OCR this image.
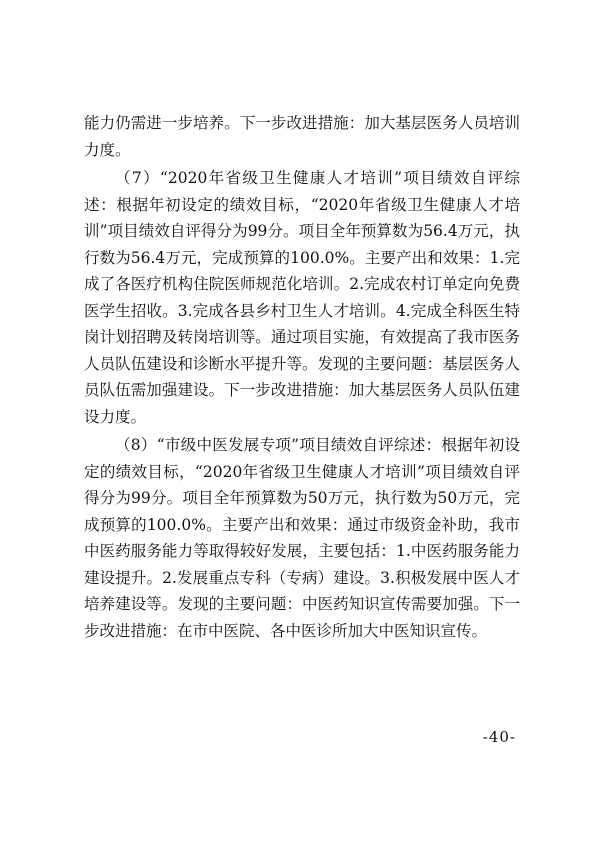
能力仍需进一步培养。下一步改进措施：加大基层医务人员培训力度。

（7）“2020年省级卫生健康人才培训”项目绩效自评综述：根据年初设定的绩效目标，“2020年省级卫生健康人才培训”项目绩效自评得分为99分。项目全年预算数为56.4万元，执行数为56.4万元，完成预算的100.0%。主要产出和效果：1.完成了各医疗机构住院医师规范化培训。2.完成农村订单定向免费医学生招收。3.完成各县乡村卫生人才培训。4.完成全科医生特岗计划招聘及转岗培训等。通过项目实施，有效提高了我市医务人员队伍建设和诊断水平提升等。发现的主要问题：基层医务人员队伍需加强建设。下一步改进措施：加大基层医务人员队伍建设力度。

（8）“市级中医发展专项”项目绩效自评综述：根据年初设定的绩效目标，“2020年省级卫生健康人才培训”项目绩效自评得分为99分。项目全年预算数为50万元，执行数为50万元，完成预算的100.0%。主要产出和效果：通过市级资金补助，我市中医药服务能力等取得较好发展，主要包括：1.中医药服务能力建设提升。2.发展重点专科（专病）建设。3.积极发展中医人才培养建设等。发现的主要问题：中医药知识宣传需要加强。下一步改进措施：在市中医院、各中医诊所加大中医知识宣传。

-40-
